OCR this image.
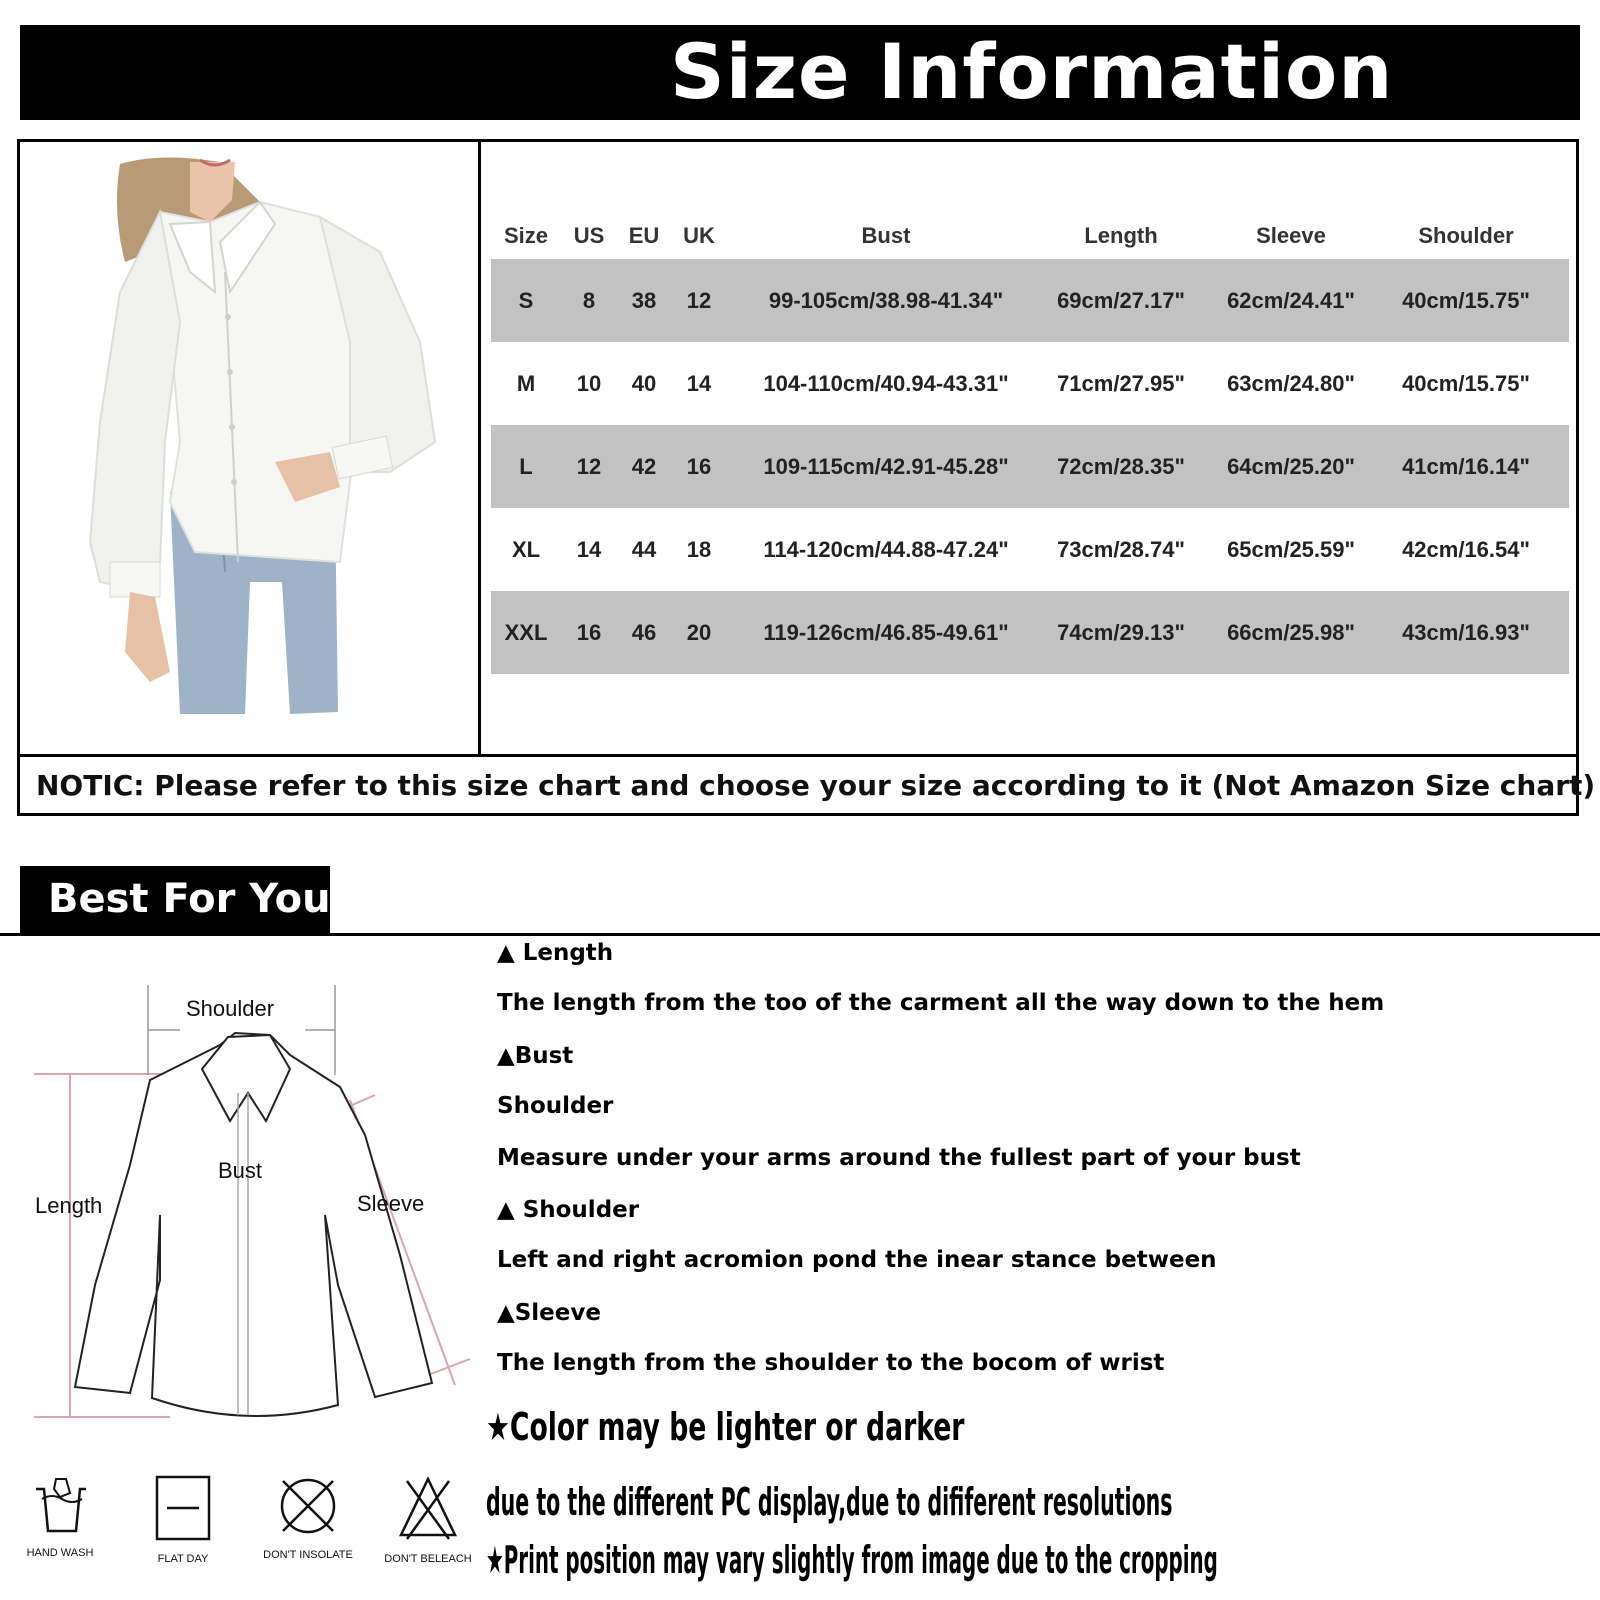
Size Information
Size	US	EU	UK	Bust	Length	Sleeve	Shoulder
S	8	38	12	99-105cm/38.98-41.34"	69cm/27.17"	62cm/24.41"	40cm/15.75"
M	10	40	14	104-110cm/40.94-43.31"	71cm/27.95"	63cm/24.80"	40cm/15.75"
L	12	42	16	109-115cm/42.91-45.28"	72cm/28.35"	64cm/25.20"	41cm/16.14"
XL	14	44	18	114-120cm/44.88-47.24"	73cm/28.74"	65cm/25.59"	42cm/16.54"
XXL	16	46	20	119-126cm/46.85-49.61"	74cm/29.13"	66cm/25.98"	43cm/16.93"
NOTIC: Please refer to this size chart and choose your size according to it (Not Amazon Size chart)
Best For You
Shoulder
Bust
Length	Sleeve
▲ Length
The length from the too of the carment all the way down to the hem
▲Bust
Shoulder
Measure under your arms around the fullest part of your bust
▲ Shoulder
Left and right acromion pond the inear stance between
▲Sleeve
The length from the shoulder to the bocom of wrist
★Color may be lighter or darker
due to the different PC display,due to dififerent resolutions
★Print position may vary slightly from image due to the cropping
HAND WASH	FLAT DAY	DON'T INSOLATE	DON'T BELEACH
